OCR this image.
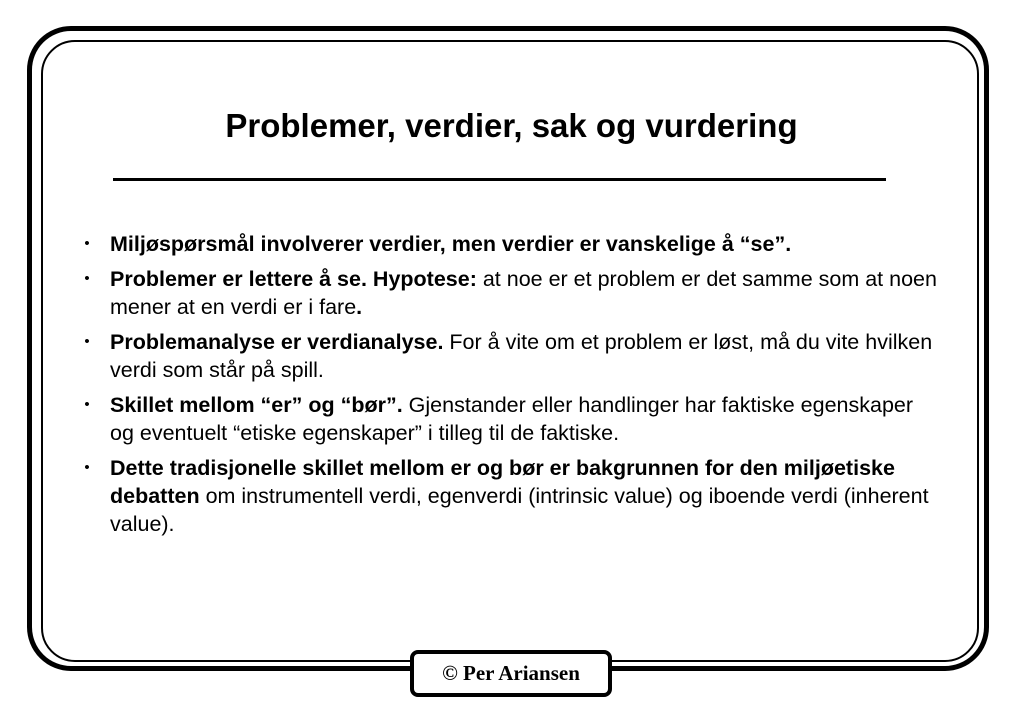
Problemer, verdier, sak og vurdering
• Miljøspørsmål involverer verdier, men verdier er vanskelige å “se”.
• Problemer er lettere å se. Hypotese: at noe er et problem er det samme som at noen mener at en verdi er i fare.
• Problemanalyse er verdianalyse. For å vite om et problem er løst, må du vite hvilken verdi som står på spill.
• Skillet mellom “er” og “bør”. Gjenstander eller handlinger har faktiske egenskaper og eventuelt “etiske egenskaper” i tilleg til de faktiske.
• Dette tradisjonelle skillet mellom er og bør er bakgrunnen for den miljøetiske debatten om instrumentell verdi, egenverdi (intrinsic value) og iboende verdi (inherent value).
© Per Ariansen
